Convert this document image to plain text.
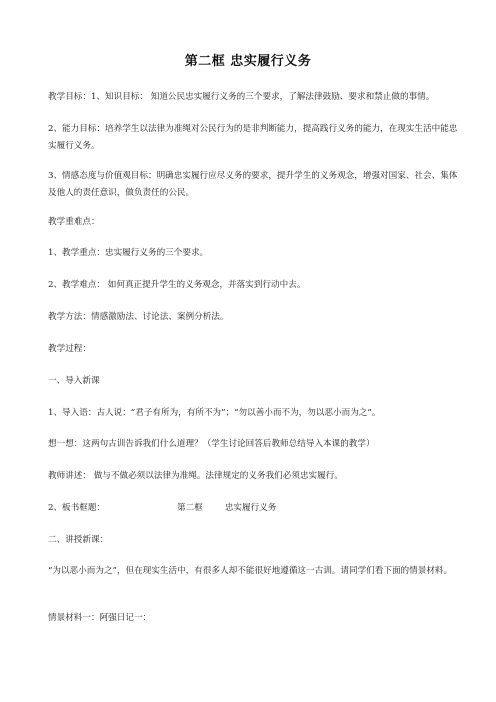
第二框 忠实履行义务
教学目标：1、知识目标： 知道公民忠实履行义务的三个要求，了解法律鼓励、要求和禁止做的事情。
2、能力目标：培养学生以法律为准绳对公民行为的是非判断能力，提高践行义务的能力，在现实生活中能忠实履行义务。
3、情感态度与价值观目标：明确忠实履行应尽义务的要求，提升学生的义务观念，增强对国家、社会、集体及他人的责任意识，做负责任的公民。
教学重难点：
1、教学重点：忠实履行义务的三个要求。
2、教学难点： 如何真正提升学生的义务观念，并落实到行动中去。
教学方法：情感激励法、讨论法、案例分析法。
教学过程：
一、导入新课
1、导入语：古人说：“君子有所为，有所不为”；“勿以善小而不为，勿以恶小而为之”。
想一想：这两句古训告诉我们什么道理？（学生讨论回答后教师总结导入本课的教学）
教师讲述： 做与不做必须以法律为准绳。法律规定的义务我们必须忠实履行。
2、板书框题：	第二框	忠实履行义务
二、讲授新课：
“为以恶小而为之”，但在现实生活中，有很多人却不能很好地遵循这一古训。请同学们看下面的情景材料。
情景材料一：阿强日记一：
